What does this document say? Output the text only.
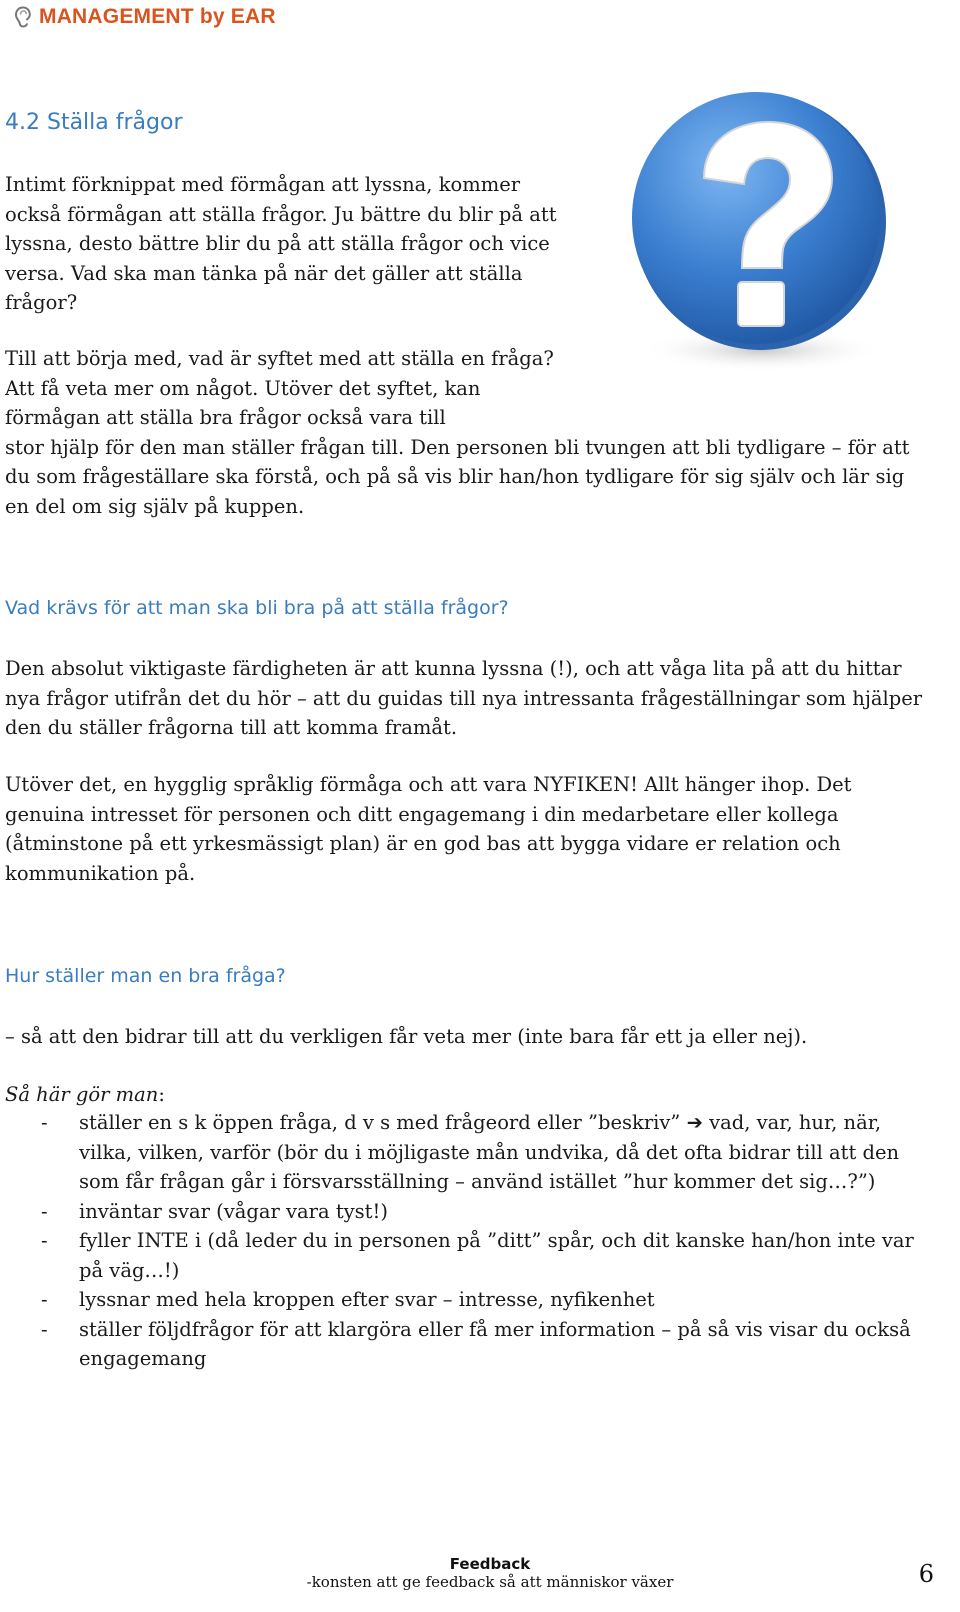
MANAGEMENT by EAR
4.2 Ställa frågor

Intimt förknippat med förmågan att lyssna, kommer också förmågan att ställa frågor. Ju bättre du blir på att lyssna, desto bättre blir du på att ställa frågor och vice versa. Vad ska man tänka på när det gäller att ställa frågor?

Till att börja med, vad är syftet med att ställa en fråga? Att få veta mer om något. Utöver det syftet, kan förmågan att ställa bra frågor också vara till
stor hjälp för den man ställer frågan till. Den personen bli tvungen att bli tydligare – för att du som frågeställare ska förstå, och på så vis blir han/hon tydligare för sig själv och lär sig en del om sig själv på kuppen.
Vad krävs för att man ska bli bra på att ställa frågor?

Den absolut viktigaste färdigheten är att kunna lyssna (!), och att våga lita på att du hittar nya frågor utifrån det du hör – att du guidas till nya intressanta frågeställningar som hjälper den du ställer frågorna till att komma framåt.

Utöver det, en hygglig språklig förmåga och att vara NYFIKEN! Allt hänger ihop. Det genuina intresset för personen och ditt engagemang i din medarbetare eller kollega (åtminstone på ett yrkesmässigt plan) är en god bas att bygga vidare er relation och kommunikation på.

Hur ställer man en bra fråga?

– så att den bidrar till att du verkligen får veta mer (inte bara får ett ja eller nej).

Så här gör man:

- ställer en s k öppen fråga, d v s med frågeord eller ”beskriv” ➔ vad, var, hur, när, vilka, vilken, varför (bör du i möjligaste mån undvika, då det ofta bidrar till att den som får frågan går i försvarsställning – använd istället ”hur kommer det sig…?”)
- inväntar svar (vågar vara tyst!)
- fyller INTE i (då leder du in personen på ”ditt” spår, och dit kanske han/hon inte var på väg…!)
- lyssnar med hela kroppen efter svar – intresse, nyfikenhet
- ställer följdfrågor för att klargöra eller få mer information – på så vis visar du också engagemang
Feedback
-konsten att ge feedback så att människor växer	6
